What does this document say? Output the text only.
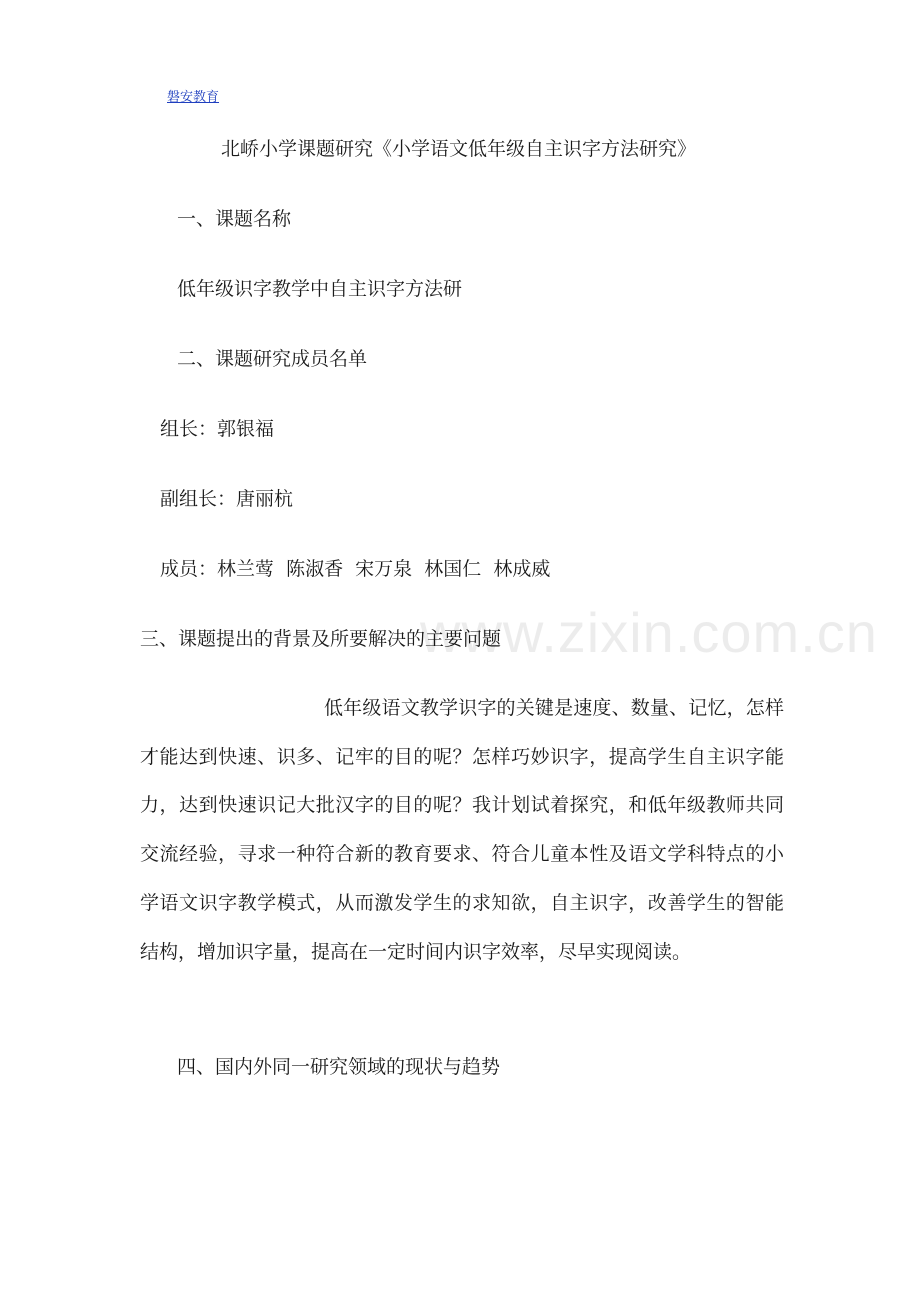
磐安教育
北峤小学课题研究《小学语文低年级自主识字方法研究》
一、课题名称
低年级识字教学中自主识字方法研
二、课题研究成员名单
组长：郭银福
副组长：唐丽杭
成员：林兰莺  陈淑香  宋万泉  林国仁  林成威
三、课题提出的背景及所要解决的主要问题

低年级语文教学识字的关键是速度、数量、记忆，怎样才能达到快速、识多、记牢的目的呢？怎样巧妙识字，提高学生自主识字能力，达到快速识记大批汉字的目的呢？我计划试着探究，和低年级教师共同交流经验，寻求一种符合新的教育要求、符合儿童本性及语文学科特点的小学语文识字教学模式，从而激发学生的求知欲，自主识字，改善学生的智能结构，增加识字量，提高在一定时间内识字效率，尽早实现阅读。

四、国内外同一研究领域的现状与趋势
www.zixin.com.cn
